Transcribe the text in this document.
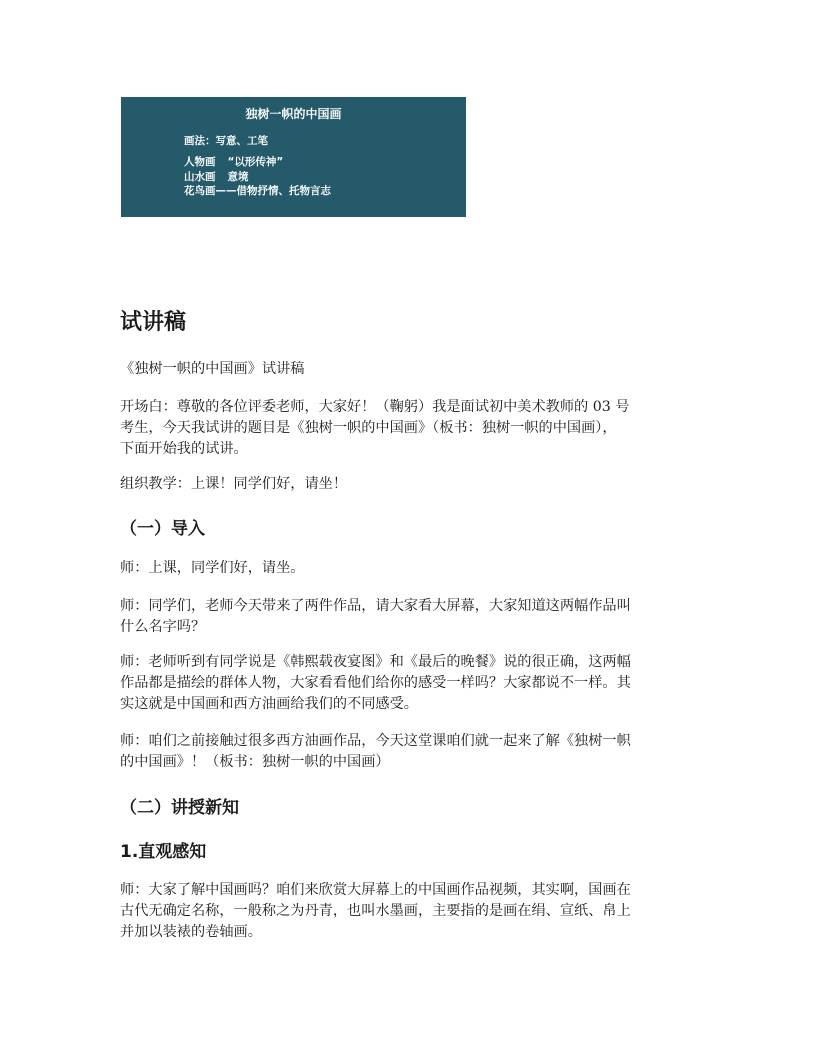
独树一帜的中国画
画法：写意、工笔
人物画 “以形传神”
山水画 意境
花鸟画——借物抒情、托物言志
试讲稿

《独树一帜的中国画》试讲稿

开场白：尊敬的各位评委老师，大家好！（鞠躬）我是面试初中美术教师的 03 号
考生，今天我试讲的题目是《独树一帜的中国画》（板书：独树一帜的中国画），
下面开始我的试讲。

组织教学：上课！同学们好，请坐！

（一）导入

师：上课，同学们好，请坐。

师：同学们，老师今天带来了两件作品，请大家看大屏幕，大家知道这两幅作品叫
什么名字吗？

师：老师听到有同学说是《韩熙载夜宴图》和《最后的晚餐》说的很正确，这两幅
作品都是描绘的群体人物，大家看看他们给你的感受一样吗？大家都说不一样。其
实这就是中国画和西方油画给我们的不同感受。

师：咱们之前接触过很多西方油画作品，今天这堂课咱们就一起来了解《独树一帜
的中国画》！（板书：独树一帜的中国画）

（二）讲授新知
1.直观感知

师：大家了解中国画吗？咱们来欣赏大屏幕上的中国画作品视频，其实啊，国画在
古代无确定名称，一般称之为丹青，也叫水墨画，主要指的是画在绢、宣纸、帛上
并加以装裱的卷轴画。
